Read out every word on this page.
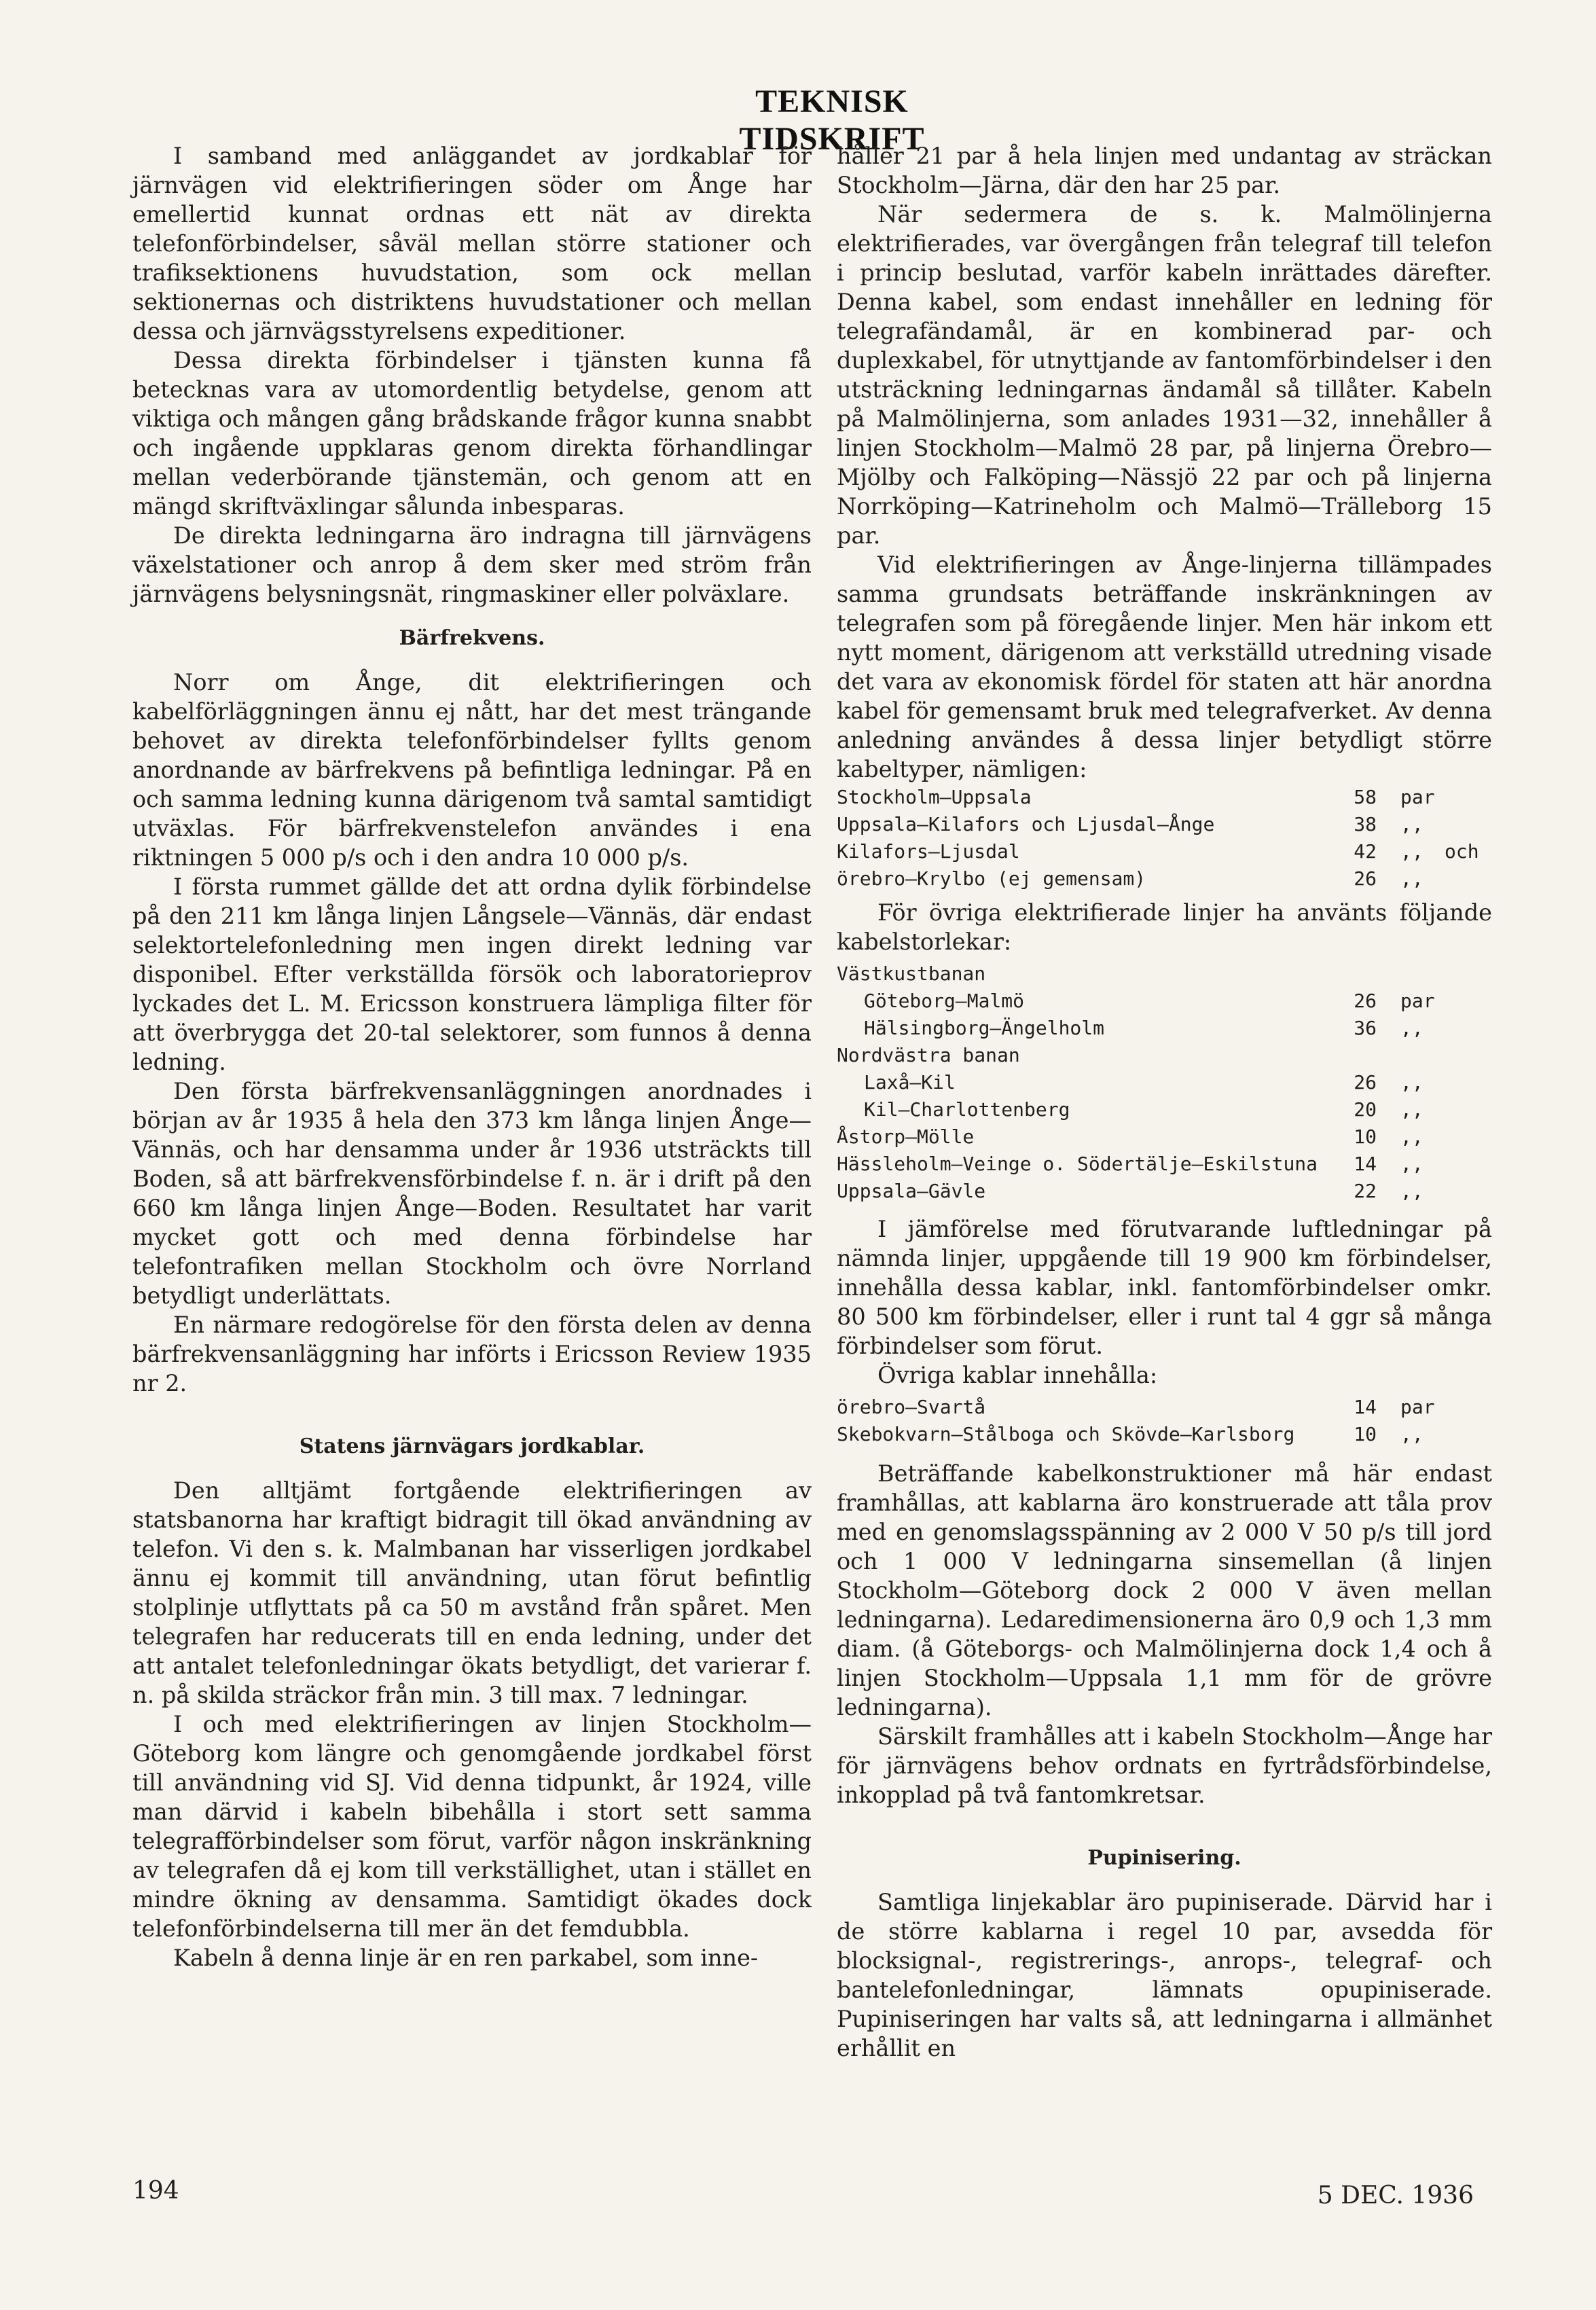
TEKNISK TIDSKRIFT

I samband med anläggandet av jordkablar för järnvägen vid elektrifieringen söder om Ånge har emellertid kunnat ordnas ett nät av direkta telefonförbindelser, såväl mellan större stationer och trafiksektionens huvudstation, som ock mellan sektionernas och distriktens huvudstationer och mellan dessa och järnvägsstyrelsens expeditioner.

Dessa direkta förbindelser i tjänsten kunna få betecknas vara av utomordentlig betydelse, genom att viktiga och mången gång brådskande frågor kunna snabbt och ingående uppklaras genom direkta förhandlingar mellan vederbörande tjänstemän, och genom att en mängd skriftväxlingar sålunda inbesparas.

De direkta ledningarna äro indragna till järnvägens växelstationer och anrop å dem sker med ström från järnvägens belysningsnät, ringmaskiner eller polväxlare.

Bärfrekvens.

Norr om Ånge, dit elektrifieringen och kabelförläggningen ännu ej nått, har det mest trängande behovet av direkta telefonförbindelser fyllts genom anordnande av bärfrekvens på befintliga ledningar. På en och samma ledning kunna därigenom två samtal samtidigt utväxlas. För bärfrekvenstelefon användes i ena riktningen 5 000 p/s och i den andra 10 000 p/s.

I första rummet gällde det att ordna dylik förbindelse på den 211 km långa linjen Långsele—Vännäs, där endast selektortelefonledning men ingen direkt ledning var disponibel. Efter verkställda försök och laboratorieprov lyckades det L. M. Ericsson konstruera lämpliga filter för att överbrygga det 20-tal selektorer, som funnos å denna ledning.

Den första bärfrekvensanläggningen anordnades i början av år 1935 å hela den 373 km långa linjen Ånge—Vännäs, och har densamma under år 1936 utsträckts till Boden, så att bärfrekvensförbindelse f. n. är i drift på den 660 km långa linjen Ånge—Boden. Resultatet har varit mycket gott och med denna förbindelse har telefontrafiken mellan Stockholm och övre Norrland betydligt underlättats.

En närmare redogörelse för den första delen av denna bärfrekvensanläggning har införts i Ericsson Review 1935 nr 2.

Statens järnvägars jordkablar.

Den alltjämt fortgående elektrifieringen av statsbanorna har kraftigt bidragit till ökad användning av telefon. Vi den s. k. Malmbanan har visserligen jordkabel ännu ej kommit till användning, utan förut befintlig stolplinje utflyttats på ca 50 m avstånd från spåret. Men telegrafen har reducerats till en enda ledning, under det att antalet telefonledningar ökats betydligt, det varierar f. n. på skilda sträckor från min. 3 till max. 7 ledningar.

I och med elektrifieringen av linjen Stockholm—Göteborg kom längre och genomgående jordkabel först till användning vid SJ. Vid denna tidpunkt, år 1924, ville man därvid i kabeln bibehålla i stort sett samma telegrafförbindelser som förut, varför någon inskränkning av telegrafen då ej kom till verkställighet, utan i stället en mindre ökning av densamma. Samtidigt ökades dock telefonförbindelserna till mer än det femdubbla.

Kabeln å denna linje är en ren parkabel, som inne-

håller 21 par å hela linjen med undantag av sträckan Stockholm—Järna, där den har 25 par.

När sedermera de s. k. Malmölinjerna elektrifierades, var övergången från telegraf till telefon i princip beslutad, varför kabeln inrättades därefter. Denna kabel, som endast innehåller en ledning för telegrafändamål, är en kombinerad par- och duplexkabel, för utnyttjande av fantomförbindelser i den utsträckning ledningarnas ändamål så tillåter. Kabeln på Malmölinjerna, som anlades 1931—32, innehåller å linjen Stockholm—Malmö 28 par, på linjerna Örebro—Mjölby och Falköping—Nässjö 22 par och på linjerna Norrköping—Katrineholm och Malmö—Trälleborg 15 par.

Vid elektrifieringen av Ånge-linjerna tillämpades samma grundsats beträffande inskränkningen av telegrafen som på föregående linjer. Men här inkom ett nytt moment, därigenom att verkställd utredning visade det vara av ekonomisk fördel för staten att här anordna kabel för gemensamt bruk med telegrafverket. Av denna anledning användes å dessa linjer betydligt större kabeltyper, nämligen:

Stockholm—Uppsala	58 par
Uppsala—Kilafors och Ljusdal—Ånge	38 ,,
Kilafors—Ljusdal	42 ,, och
örebro—Krylbo (ej gemensam)	26 ,,

För övriga elektrifierade linjer ha använts följande kabelstorlekar:

Västkustbanan
Göteborg—Malmö	26 par
Hälsingborg—Ängelholm	36 ,,
Nordvästra banan
Laxå—Kil	26 ,,
Kil—Charlottenberg	20 ,,
Åstorp—Mölle	10 ,,
Hässleholm—Veinge o. Södertälje—Eskilstuna 14 ,,
Uppsala—Gävle	22 ,,

I jämförelse med förutvarande luftledningar på nämnda linjer, uppgående till 19 900 km förbindelser, innehålla dessa kablar, inkl. fantomförbindelser omkr. 80 500 km förbindelser, eller i runt tal 4 ggr så många förbindelser som förut.

Övriga kablar innehålla:

örebro—Svartå	14 par
Skebokvarn—Stålboga och Skövde—Karlsborg	10 ,,

Beträffande kabelkonstruktioner må här endast framhållas, att kablarna äro konstruerade att tåla prov med en genomslagsspänning av 2 000 V 50 p/s till jord och 1 000 V ledningarna sinsemellan (å linjen Stockholm—Göteborg dock 2 000 V även mellan ledningarna). Ledaredimensionerna äro 0,9 och 1,3 mm diam. (å Göteborgs- och Malmölinjerna dock 1,4 och å linjen Stockholm—Uppsala 1,1 mm för de grövre ledningarna).

Särskilt framhålles att i kabeln Stockholm—Ånge har för järnvägens behov ordnats en fyrtrådsförbindelse, inkopplad på två fantomkretsar.

Pupinisering.

Samtliga linjekablar äro pupiniserade. Därvid har i de större kablarna i regel 10 par, avsedda för blocksignal-, registrerings-, anrops-, telegraf- och bantelefonledningar, lämnats opupiniserade. Pupiniseringen har valts så, att ledningarna i allmänhet erhållit en

194	5 DEC. 1936
